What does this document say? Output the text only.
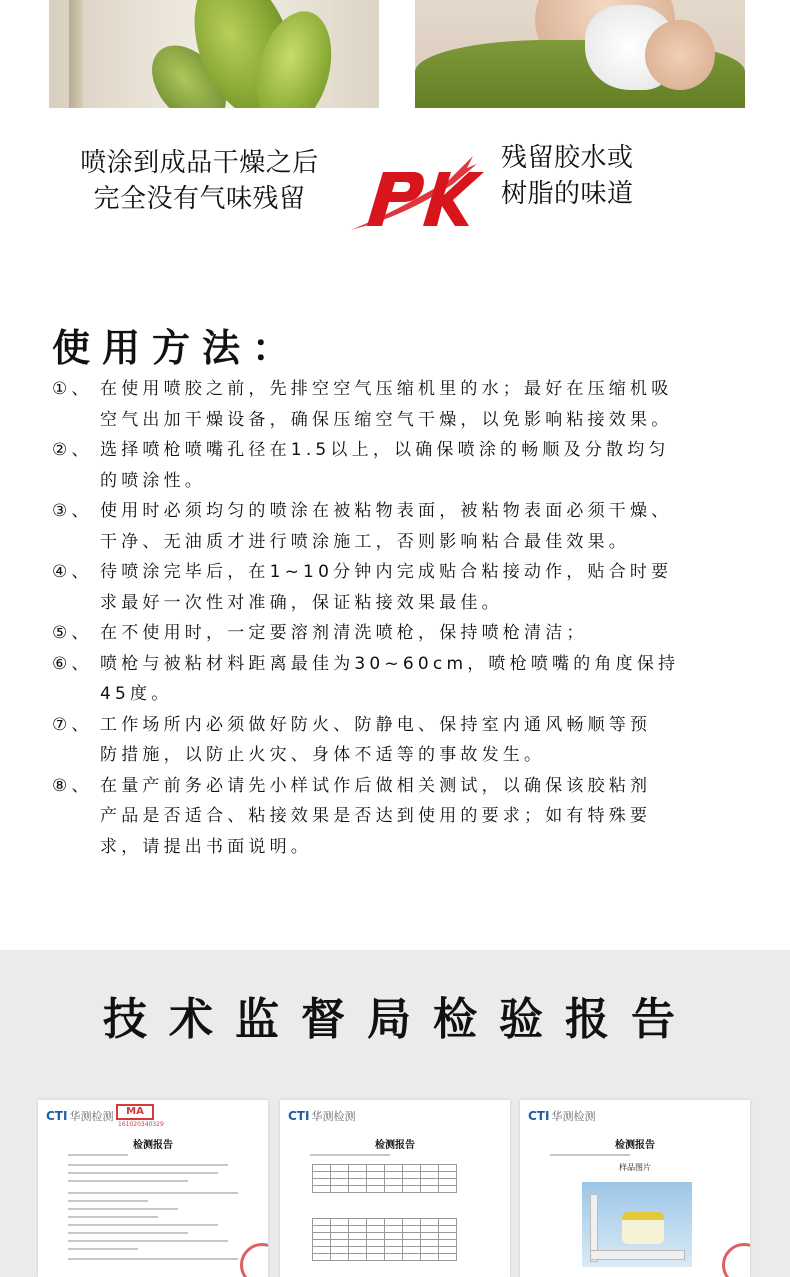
喷涂到成品干燥之后
完全没有气味残留
PK
残留胶水或
树脂的味道
使用方法：
①、 在使用喷胶之前，先排空空气压缩机里的水；最好在压缩机吸
空气出加干燥设备，确保压缩空气干燥，以免影响粘接效果。
②、 选择喷枪喷嘴孔径在1.5以上，以确保喷涂的畅顺及分散均匀
的喷涂性。
③、 使用时必须均匀的喷涂在被粘物表面，被粘物表面必须干燥、
干净、无油质才进行喷涂施工，否则影响粘合最佳效果。
④、 待喷涂完毕后，在1~10分钟内完成贴合粘接动作，贴合时要
求最好一次性对准确，保证粘接效果最佳。
⑤、 在不使用时，一定要溶剂清洗喷枪，保持喷枪清洁；
⑥、 喷枪与被粘材料距离最佳为30~60cm，喷枪喷嘴的角度保持
45度。
⑦、 工作场所内必须做好防火、防静电、保持室内通风畅顺等预
防措施，以防止火灾、身体不适等的事故发生。
⑧、 在量产前务必请先小样试作后做相关测试，以确保该胶粘剂
产品是否适合、粘接效果是否达到使用的要求；如有特殊要
求，请提出书面说明。
技术监督局检验报告
CTI 华测检测	MA
161020340329
检测报告
CTI 华测检测
检测报告

CTI 华测检测
检测报告
样品图片
